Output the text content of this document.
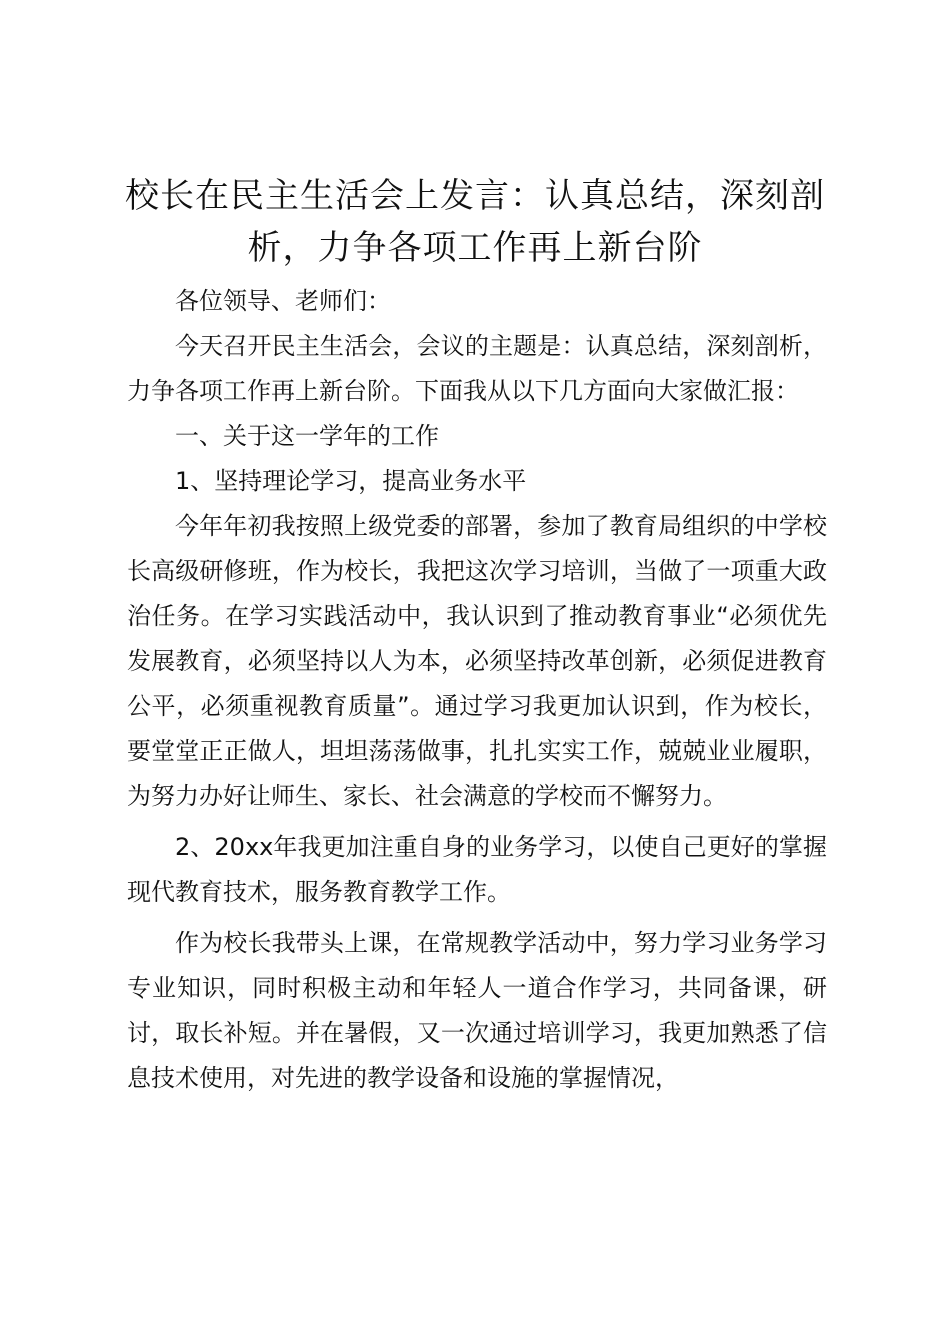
校长在民主生活会上发言：认真总结，深刻剖析，力争各项工作再上新台阶

各位领导、老师们：

今天召开民主生活会，会议的主题是：认真总结，深刻剖析，力争各项工作再上新台阶。下面我从以下几方面向大家做汇报：

一、关于这一学年的工作

1、坚持理论学习，提高业务水平

今年年初我按照上级党委的部署，参加了教育局组织的中学校长高级研修班，作为校长，我把这次学习培训，当做了一项重大政治任务。在学习实践活动中，我认识到了推动教育事业“必须优先发展教育，必须坚持以人为本，必须坚持改革创新，必须促进教育公平，必须重视教育质量”。通过学习我更加认识到，作为校长，要堂堂正正做人，坦坦荡荡做事，扎扎实实工作，兢兢业业履职，为努力办好让师生、家长、社会满意的学校而不懈努力。

2、20xx年我更加注重自身的业务学习，以使自己更好的掌握现代教育技术，服务教育教学工作。

作为校长我带头上课，在常规教学活动中，努力学习业务学习专业知识，同时积极主动和年轻人一道合作学习，共同备课，研讨，取长补短。并在暑假，又一次通过培训学习，我更加熟悉了信息技术使用，对先进的教学设备和设施的掌握情况，
